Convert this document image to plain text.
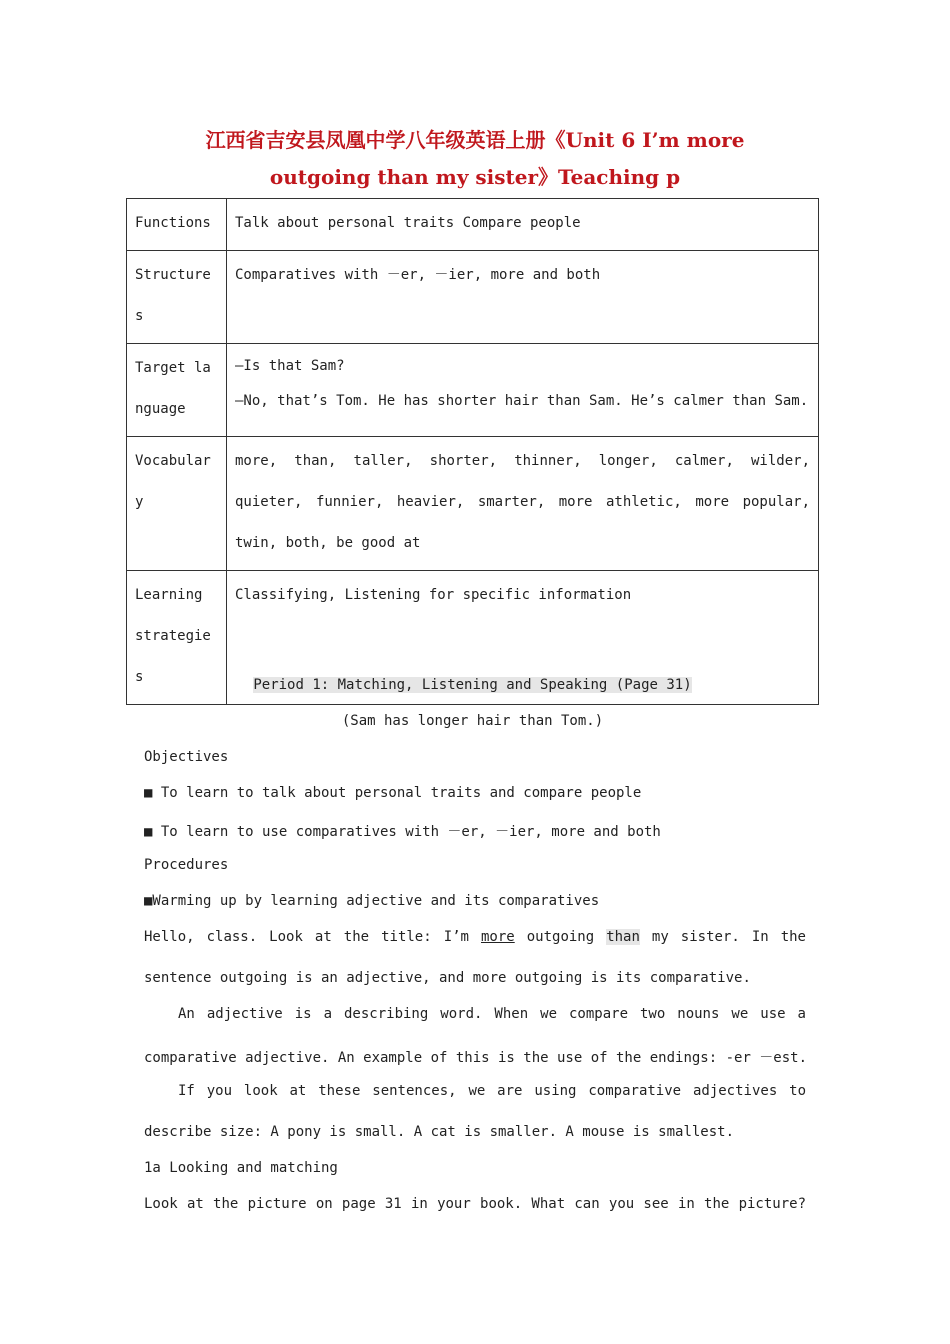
江西省吉安县凤凰中学八年级英语上册《Unit 6 I’m more
outgoing than my sister》Teaching p
Functions	Talk about personal traits Compare people

Structures	Comparatives with －er, －ier, more and both

Target language	—Is that Sam?

—No, that’s Tom. He has shorter hair than Sam. He’s calmer than Sam.

Vocabulary	more, than, taller, shorter, thinner, longer, calmer, wilder, quieter, funnier, heavier, smarter, more athletic, more popular, twin, both, be good at

Learning strategies	Classifying, Listening for specific information

Period 1: Matching, Listening and Speaking (Page 31)
(Sam has longer hair than Tom.)
Objectives
■ To learn to talk about personal traits and compare people
■ To learn to use comparatives with －er, －ier, more and both
Procedures
■Warming up by learning adjective and its comparatives
Hello, class. Look at the title: I’m more outgoing than my sister. In the
sentence outgoing is an adjective, and more outgoing is its comparative.
An adjective is a describing word. When we compare two nouns we use a
comparative adjective. An example of this is the use of the endings: -er －est.
If you look at these sentences, we are using comparative adjectives to
describe size: A pony is small. A cat is smaller. A mouse is smallest.
1a Looking and matching
Look at the picture on page 31 in your book. What can you see in the picture?
